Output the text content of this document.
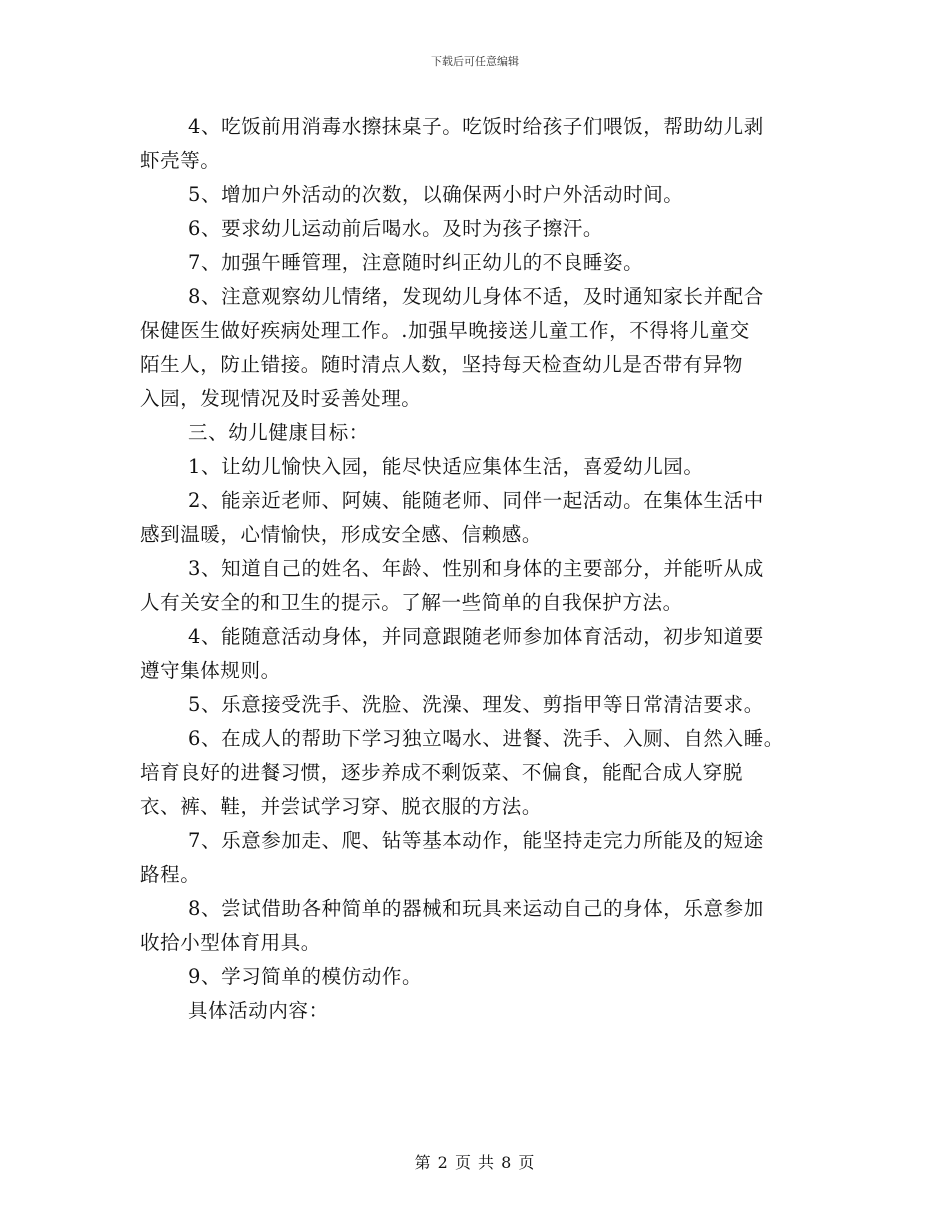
下载后可任意编辑
4、吃饭前用消毒水擦抹桌子。吃饭时给孩子们喂饭，帮助幼儿剥
虾壳等。
5、增加户外活动的次数，以确保两小时户外活动时间。
6、要求幼儿运动前后喝水。及时为孩子擦汗。
7、加强午睡管理，注意随时纠正幼儿的不良睡姿。
8、注意观察幼儿情绪，发现幼儿身体不适，及时通知家长并配合
保健医生做好疾病处理工作。.加强早晚接送儿童工作，不得将儿童交
陌生人，防止错接。随时清点人数，坚持每天检查幼儿是否带有异物
入园，发现情况及时妥善处理。
三、幼儿健康目标：
1、让幼儿愉快入园，能尽快适应集体生活，喜爱幼儿园。
2、能亲近老师、阿姨、能随老师、同伴一起活动。在集体生活中
感到温暖，心情愉快，形成安全感、信赖感。
3、知道自己的姓名、年龄、性别和身体的主要部分，并能听从成
人有关安全的和卫生的提示。了解一些简单的自我保护方法。
4、能随意活动身体，并同意跟随老师参加体育活动，初步知道要
遵守集体规则。
5、乐意接受洗手、洗脸、洗澡、理发、剪指甲等日常清洁要求。
6、在成人的帮助下学习独立喝水、进餐、洗手、入厕、自然入睡。
培育良好的进餐习惯，逐步养成不剩饭菜、不偏食，能配合成人穿脱
衣、裤、鞋，并尝试学习穿、脱衣服的方法。
7、乐意参加走、爬、钻等基本动作，能坚持走完力所能及的短途
路程。
8、尝试借助各种简单的器械和玩具来运动自己的身体，乐意参加
收拾小型体育用具。
9、学习简单的模仿动作。
具体活动内容：
第 2 页 共 8 页
